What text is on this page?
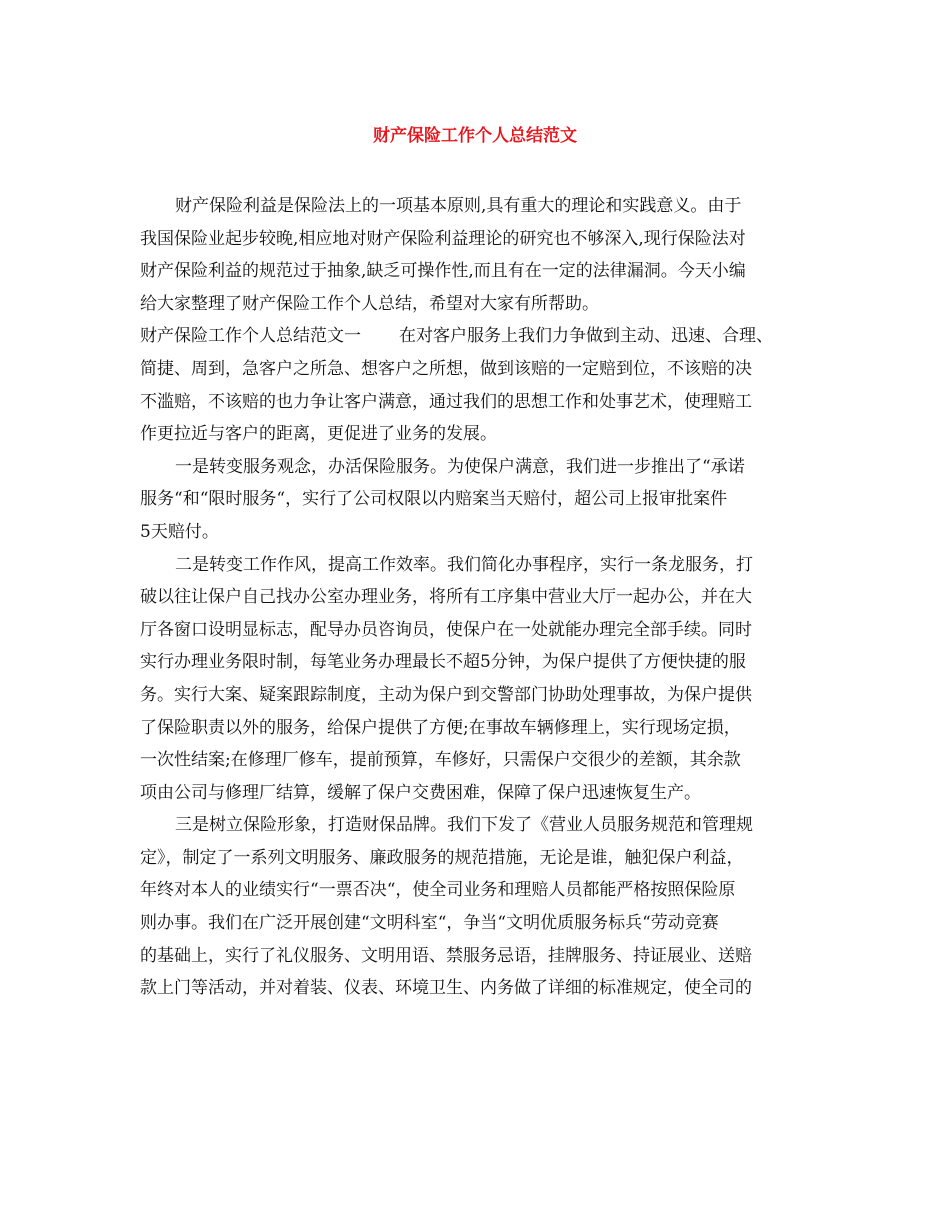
财产保险工作个人总结范文
财产保险利益是保险法上的一项基本原则,具有重大的理论和实践意义。由于
我国保险业起步较晚,相应地对财产保险利益理论的研究也不够深入,现行保险法对
财产保险利益的规范过于抽象,缺乏可操作性,而且有在一定的法律漏洞。今天小编
给大家整理了财产保险工作个人总结，希望对大家有所帮助。
财产保险工作个人总结范文一 在对客户服务上我们力争做到主动、迅速、合理、
简捷、周到，急客户之所急、想客户之所想，做到该赔的一定赔到位，不该赔的决
不滥赔，不该赔的也力争让客户满意，通过我们的思想工作和处事艺术，使理赔工
作更拉近与客户的距离，更促进了业务的发展。
一是转变服务观念，办活保险服务。为使保户满意，我们进一步推出了“承诺
服务“和“限时服务“，实行了公司权限以内赔案当天赔付，超公司上报审批案件
5天赔付。
二是转变工作作风，提高工作效率。我们简化办事程序，实行一条龙服务，打
破以往让保户自己找办公室办理业务，将所有工序集中营业大厅一起办公，并在大
厅各窗口设明显标志，配导办员咨询员，使保户在一处就能办理完全部手续。同时
实行办理业务限时制，每笔业务办理最长不超5分钟，为保户提供了方便快捷的服
务。实行大案、疑案跟踪制度，主动为保户到交警部门协助处理事故，为保户提供
了保险职责以外的服务，给保户提供了方便;在事故车辆修理上，实行现场定损，
一次性结案;在修理厂修车，提前预算，车修好，只需保户交很少的差额，其余款
项由公司与修理厂结算，缓解了保户交费困难，保障了保户迅速恢复生产。
三是树立保险形象，打造财保品牌。我们下发了《营业人员服务规范和管理规
定》，制定了一系列文明服务、廉政服务的规范措施，无论是谁，触犯保户利益，
年终对本人的业绩实行“一票否决“，使全司业务和理赔人员都能严格按照保险原
则办事。我们在广泛开展创建“文明科室“，争当“文明优质服务标兵“劳动竞赛
的基础上，实行了礼仪服务、文明用语、禁服务忌语，挂牌服务、持证展业、送赔
款上门等活动，并对着装、仪表、环境卫生、内务做了详细的标准规定，使全司的
